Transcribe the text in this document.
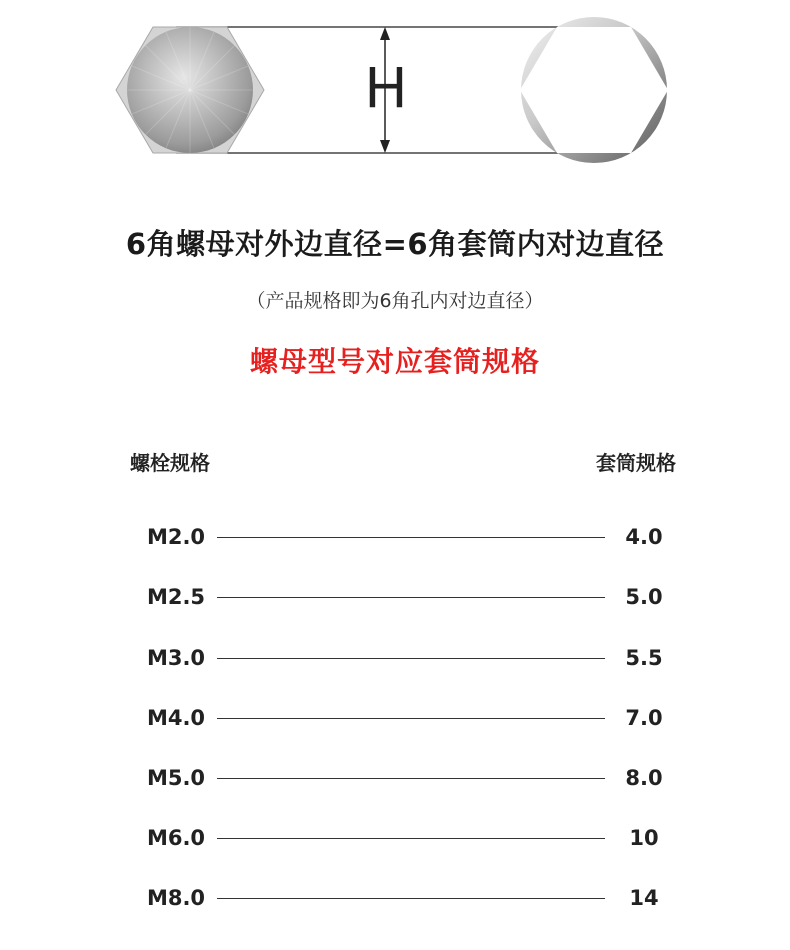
H
6角螺母对外边直径=6角套筒内对边直径
（产品规格即为6角孔内对边直径）
螺母型号对应套筒规格
螺栓规格	套筒规格
M2.0	4.0
M2.5	5.0
M3.0	5.5
M4.0	7.0
M5.0	8.0
M6.0	10
M8.0	14
